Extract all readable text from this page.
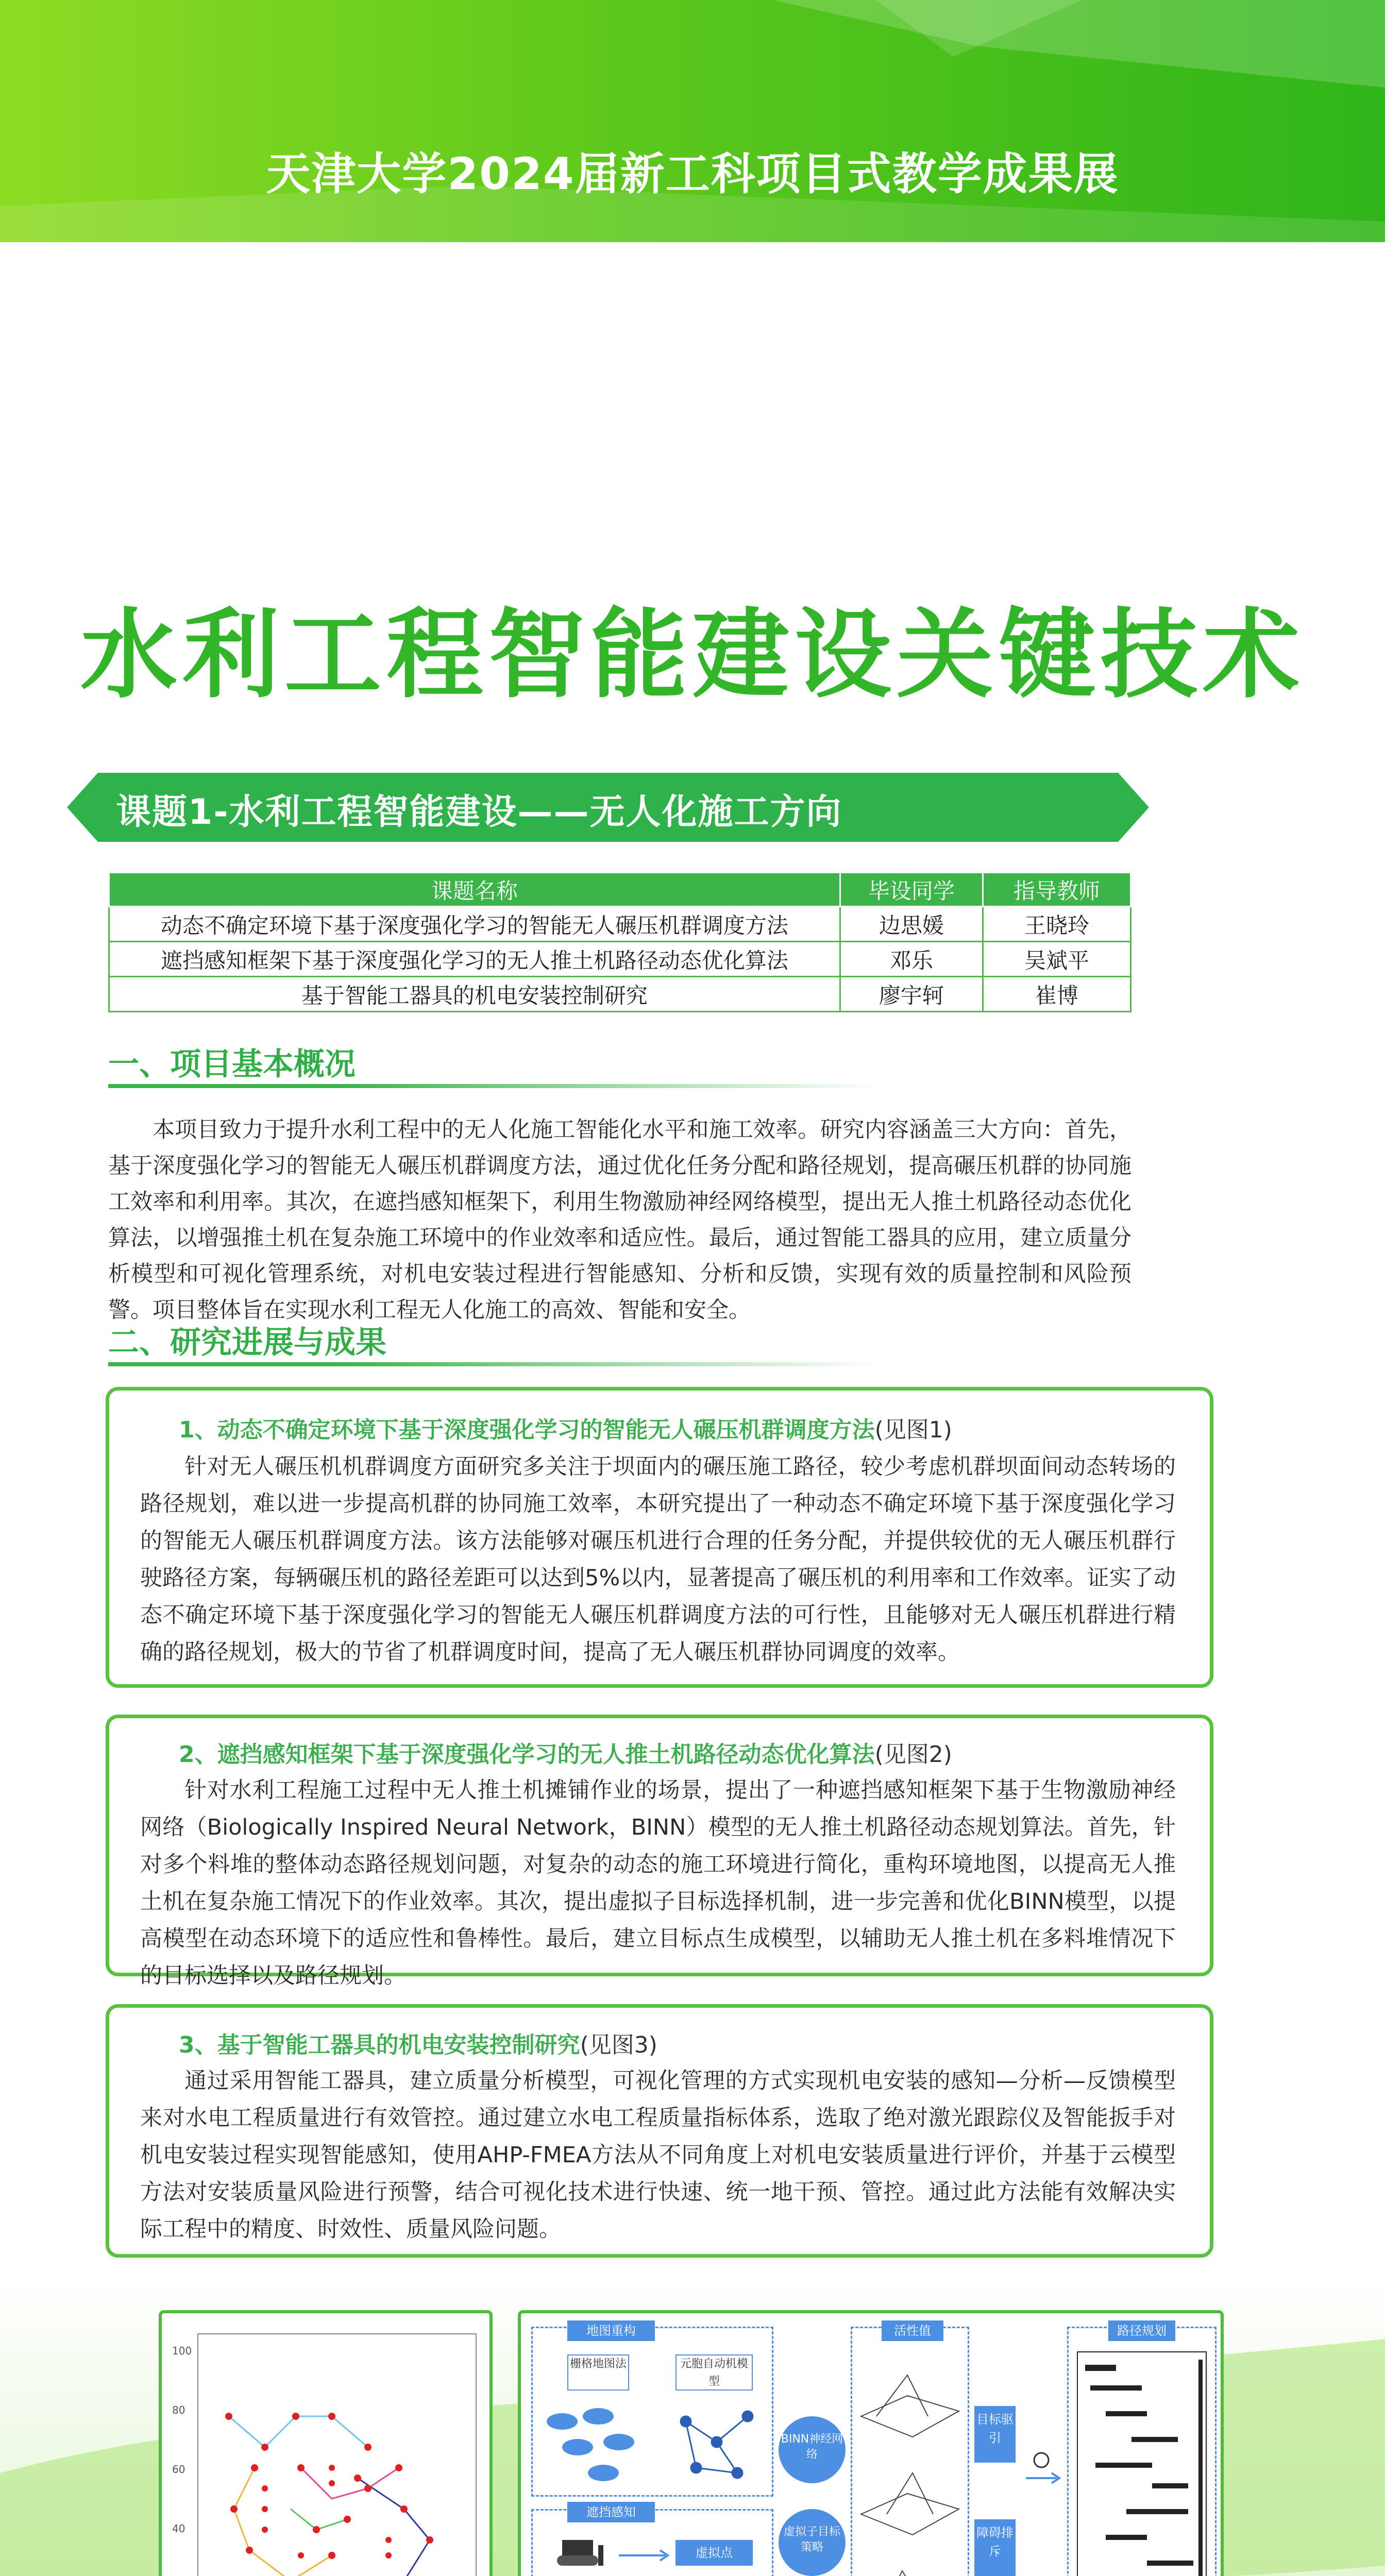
天津大学2024届新工科项目式教学成果展
水利工程智能建设关键技术
课题1-水利工程智能建设——无人化施工方向
课题名称	毕设同学	指导教师
动态不确定环境下基于深度强化学习的智能无人碾压机群调度方法	边思媛	王晓玲
遮挡感知框架下基于深度强化学习的无人推土机路径动态优化算法	邓乐	吴斌平
基于智能工器具的机电安装控制研究	廖宇轲	崔博
一、项目基本概况
本项目致力于提升水利工程中的无人化施工智能化水平和施工效率。研究内容涵盖三大方向：首先，基于深度强化学习的智能无人碾压机群调度方法，通过优化任务分配和路径规划，提高碾压机群的协同施工效率和利用率。其次，在遮挡感知框架下，利用生物激励神经网络模型，提出无人推土机路径动态优化算法，以增强推土机在复杂施工环境中的作业效率和适应性。最后，通过智能工器具的应用，建立质量分析模型和可视化管理系统，对机电安装过程进行智能感知、分析和反馈，实现有效的质量控制和风险预警。项目整体旨在实现水利工程无人化施工的高效、智能和安全。
二、研究进展与成果
1、动态不确定环境下基于深度强化学习的智能无人碾压机群调度方法(见图1)
针对无人碾压机机群调度方面研究多关注于坝面内的碾压施工路径，较少考虑机群坝面间动态转场的路径规划，难以进一步提高机群的协同施工效率，本研究提出了一种动态不确定环境下基于深度强化学习的智能无人碾压机群调度方法。该方法能够对碾压机进行合理的任务分配，并提供较优的无人碾压机群行驶路径方案，每辆碾压机的路径差距可以达到5%以内，显著提高了碾压机的利用率和工作效率。证实了动态不确定环境下基于深度强化学习的智能无人碾压机群调度方法的可行性，且能够对无人碾压机群进行精确的路径规划，极大的节省了机群调度时间，提高了无人碾压机群协同调度的效率。
2、遮挡感知框架下基于深度强化学习的无人推土机路径动态优化算法(见图2)
针对水利工程施工过程中无人推土机摊铺作业的场景，提出了一种遮挡感知框架下基于生物激励神经网络（Biologically Inspired Neural Network，BINN）模型的无人推土机路径动态规划算法。首先，针对多个料堆的整体动态路径规划问题，对复杂的动态的施工环境进行简化，重构环境地图，以提高无人推土机在复杂施工情况下的作业效率。其次，提出虚拟子目标选择机制，进一步完善和优化BINN模型，以提高模型在动态环境下的适应性和鲁棒性。最后，建立目标点生成模型，以辅助无人推土机在多料堆情况下的目标选择以及路径规划。
3、基于智能工器具的机电安装控制研究(见图3)
通过采用智能工器具，建立质量分析模型，可视化管理的方式实现机电安装的感知—分析—反馈模型来对水电工程质量进行有效管控。通过建立水电工程质量指标体系，选取了绝对激光跟踪仪及智能扳手对机电安装过程实现智能感知，使用AHP-FMEA方法从不同角度上对机电安装质量进行评价，并基于云模型方法对安装质量风险进行预警，结合可视化技术进行快速、统一地干预、管控。通过此方法能有效解决实际工程中的精度、时效性、质量风险问题。
100
80
60
40
地图重构
栅格地图法	元胞自动机模型
遮挡感知
虚拟点
BINN神经网络
虚拟子目标策略
活性值
目标驱引
障碍排斥
路径规划
